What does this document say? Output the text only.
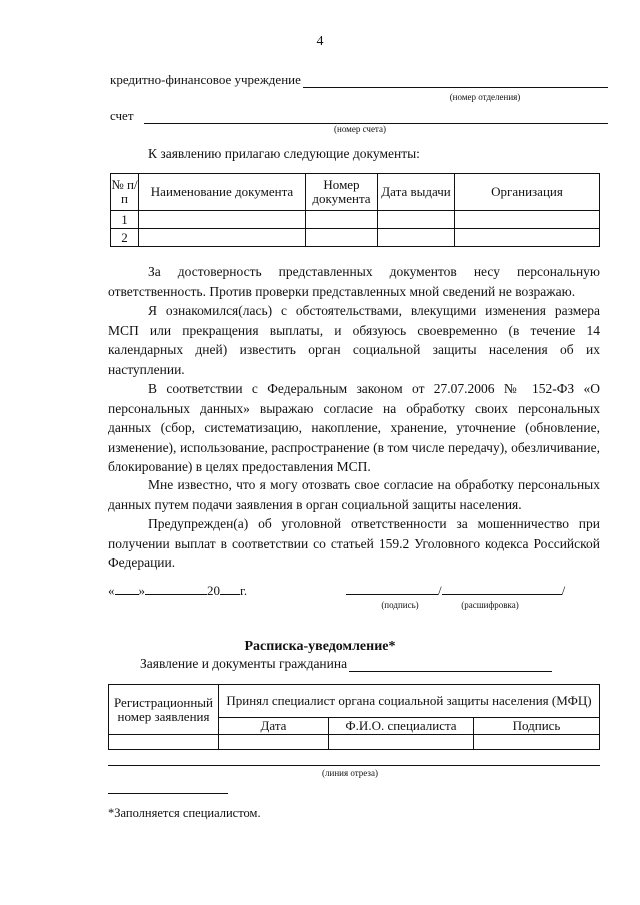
4
кредитно-финансовое учреждение
(номер отделения)
счет
(номер счета)
К заявлению прилагаю следующие документы:
№ п/п	Наименование документа	Номер документа	Дата выдачи	Организация
1				
2				
За достоверность представленных документов несу персональную ответственность. Против проверки представленных мной сведений не возражаю.
Я ознакомился(лась) с обстоятельствами, влекущими изменения размера МСП или прекращения выплаты, и обязуюсь своевременно (в течение 14 календарных дней) известить орган социальной защиты населения об их наступлении.
В соответствии с Федеральным законом от 27.07.2006 № 152-ФЗ «О персональных данных» выражаю согласие на обработку своих персональных данных (сбор, систематизацию, накопление, хранение, уточнение (обновление, изменение), использование, распространение (в том числе передачу), обезличивание, блокирование) в целях предоставления МСП.
Мне известно, что я могу отозвать свое согласие на обработку персональных данных путем подачи заявления в орган социальной защиты населения.
Предупрежден(а) об уголовной ответственности за мошенничество при получении выплат в соответствии со статьей 159.2 Уголовного кодекса Российской Федерации.
« »	20 г.	/	/
(подпись)	(расшифровка)
Расписка-уведомление*
Заявление и документы гражданина
Регистрационный номер заявления	Принял специалист органа социальной защиты населения (МФЦ)		
	Дата	Ф.И.О. специалиста	Подпись

(линия отреза)
*Заполняется специалистом.
